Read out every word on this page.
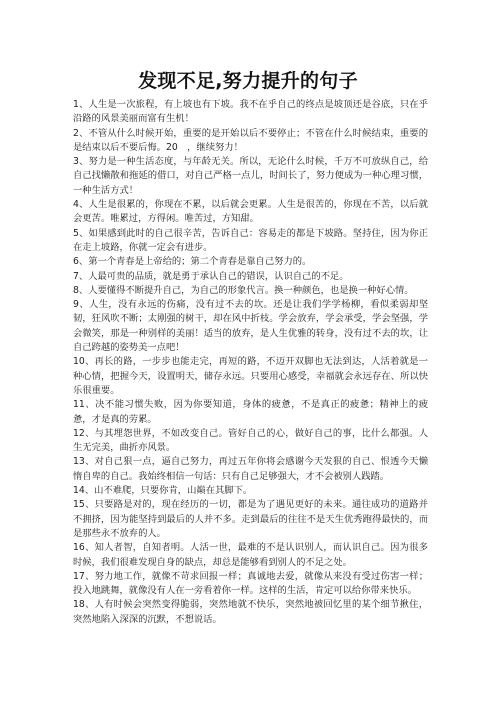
发现不足,努力提升的句子

1、人生是一次旅程，有上坡也有下坡。我不在乎自己的终点是坡顶还是谷底，只在乎沿路的风景美丽而富有生机！

2、不管从什么时候开始，重要的是开始以后不要停止；不管在什么时候结束，重要的是结束以后不要后悔。20　，继续努力！

3、努力是一种生活态度，与年龄无关。所以，无论什么时候，千万不可放纵自己，给自己找懒散和拖延的借口，对自己严格一点儿，时间长了，努力便成为一种心理习惯，一种生活方式！

4、人生是很累的，你现在不累，以后就会更累。人生是很苦的，你现在不苦，以后就会更苦。唯累过，方得闲。唯苦过，方知甜。

5、如果感到此时的自己很辛苦，告诉自己：容易走的都是下坡路。坚持住，因为你正在走上坡路，你就一定会有进步。

6、第一个青春是上帝给的；第二个青春是靠自己努力的。

7、人最可贵的品质，就是勇于承认自己的错误，认识自己的不足。

8、人要懂得不断提升自己，为自己的形象代言。换一种颜色，也是换一种好心情。

9、人生，没有永远的伤痛，没有过不去的坎。还是让我们学学杨柳，看似柔弱却坚韧，狂风吹不断；太刚强的树干，却在风中折枝。学会放弃，学会承受，学会坚强，学会微笑，那是一种别样的美丽！适当的放弃，是人生优雅的转身，没有过不去的坎，让自己跨越的姿势美一点吧！

10、再长的路，一步步也能走完，再短的路，不迈开双脚也无法到达，人活着就是一种心情，把握今天，设置明天，储存永远。只要用心感受，幸福就会永远存在、所以快乐很重要。

11、决不能习惯失败，因为你要知道，身体的疲惫，不是真正的疲惫；精神上的疲惫，才是真的劳累。

12、与其埋怨世界，不如改变自己。管好自己的心，做好自己的事，比什么都强。人生无完美，曲折亦风景。

13、对自己狠一点，逼自己努力，再过五年你将会感谢今天发狠的自己、恨透今天懒惰自卑的自己。我始终相信一句话：只有自己足够强大，才不会被别人践踏。

14、山不难爬，只要你肯，山巅在其脚下。

15、只要路是对的，现在经历的一切，都是为了遇见更好的未来。通往成功的道路并不拥挤，因为能坚持到最后的人并不多。走到最后的往往不是天生优秀跑得最快的，而是那些永不放弃的人。

16、知人者智，自知者明。人活一世，最难的不是认识别人，而认识自己。因为很多时候，我们很难发现自身的缺点，却总是能够看到别人的不足之处。

17、努力地工作，就像不苛求回报一样；真诚地去爱，就像从来没有受过伤害一样；投入地跳舞，就像没有人在一旁看着你一样。这样的生活，肯定可以给你带来快乐。

18、人有时候会突然变得脆弱，突然地就不快乐，突然地被回忆里的某个细节揪住，突然地陷入深深的沉默，不想说话。
